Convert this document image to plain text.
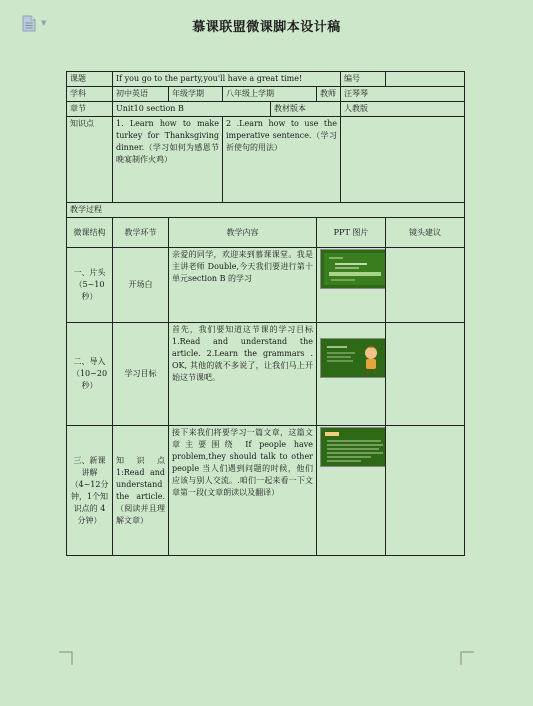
▼	慕课联盟微课脚本设计稿
课题	If you go to the party,you'll have a great time!					编号	
学科	初中英语	年级学期	八年级上学期		教师	汪琴琴	
章节	Unit10 section B			教材版本		人教版	
知识点	1. Learn how to make turkey for Thanksgiving dinner.（学习如何为感恩节晚宴制作火鸡）		2 .Learn how to use the imperative sentence.（学习祈使句的用法）				
教学过程							
微课结构	教学环节	教学内容			PPT 图片		镜头建议
一、片头（5~10秒）	开场白	亲爱的同学，欢迎来到慕课课堂。我是主讲老师 Double,今天我们要进行第十单元section B 的学习	

二、导入（10~20秒）	学习目标	首先，我们要知道这节课的学习目标 1.Read and understand the article. 2.Learn the grammars . OK, 其他的就不多说了，让我们马上开始这节课吧。	

三、新课讲解（4~12分钟，1个知识点的 4 分钟）	知识点 1:Read and understand the article.（阅读并且理解文章）	接下来我们将要学习一篇文章，这篇文章主要围绕 If people have problem,they should talk to other people 当人们遇到问题的时候，他们应该与别人交流。.咱们一起来看一下文章第一段(文章朗读以及翻译）	
